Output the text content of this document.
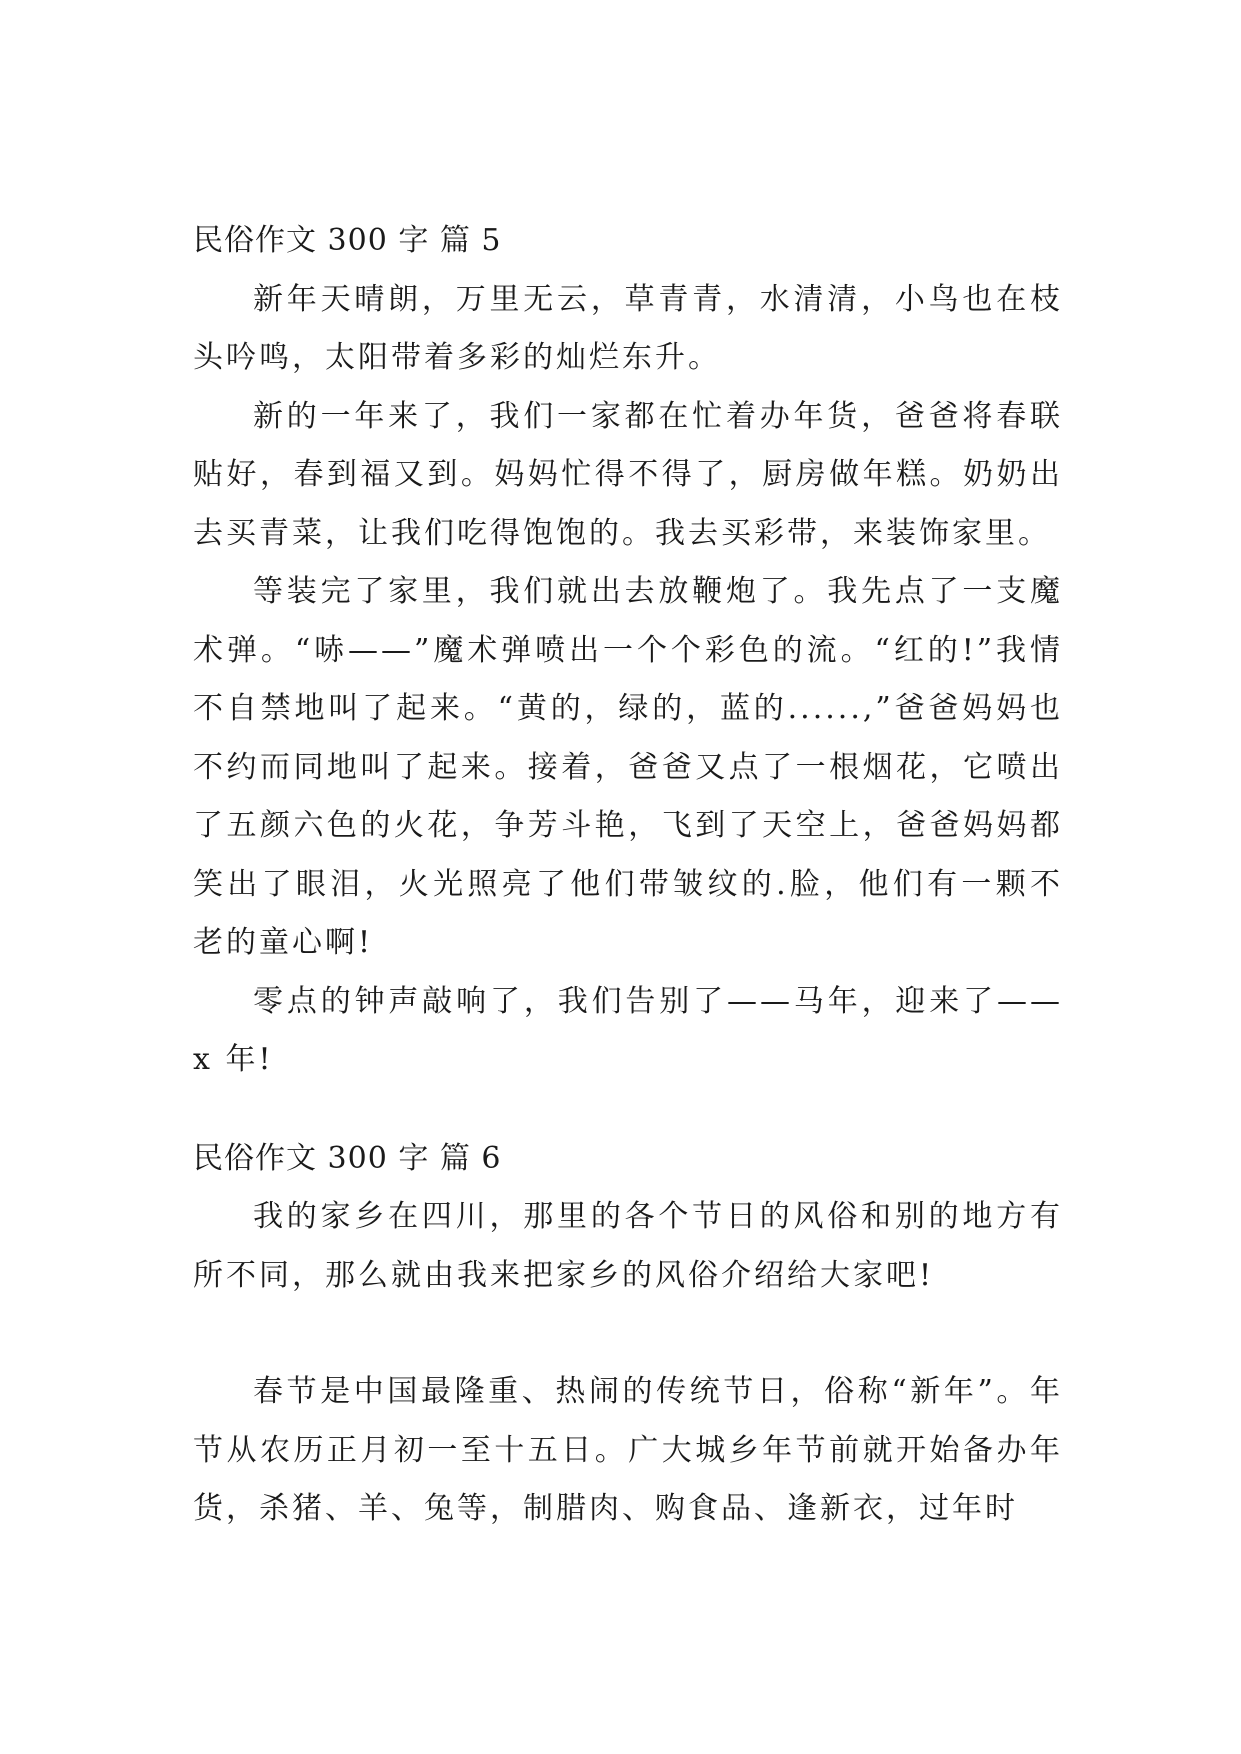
民俗作文 300 字 篇 5

新年天晴朗，万里无云，草青青，水清清，小鸟也在枝头吟鸣，太阳带着多彩的灿烂东升。

新的一年来了，我们一家都在忙着办年货，爸爸将春联贴好，春到福又到。妈妈忙得不得了，厨房做年糕。奶奶出去买青菜，让我们吃得饱饱的。我去买彩带，来装饰家里。

等装完了家里，我们就出去放鞭炮了。我先点了一支魔术弹。“哧——”魔术弹喷出一个个彩色的流。“红的!”我情不自禁地叫了起来。“黄的，绿的，蓝的......,”爸爸妈妈也不约而同地叫了起来。接着，爸爸又点了一根烟花，它喷出了五颜六色的火花，争芳斗艳，飞到了天空上，爸爸妈妈都笑出了眼泪，火光照亮了他们带皱纹的.脸，他们有一颗不老的童心啊!

零点的钟声敲响了，我们告别了——马年，迎来了——x 年!

民俗作文 300 字 篇 6

我的家乡在四川，那里的各个节日的风俗和别的地方有所不同，那么就由我来把家乡的风俗介绍给大家吧!

春节是中国最隆重、热闹的传统节日，俗称“新年”。年节从农历正月初一至十五日。广大城乡年节前就开始备办年货，杀猪、羊、兔等，制腊肉、购食品、逢新衣，过年时
